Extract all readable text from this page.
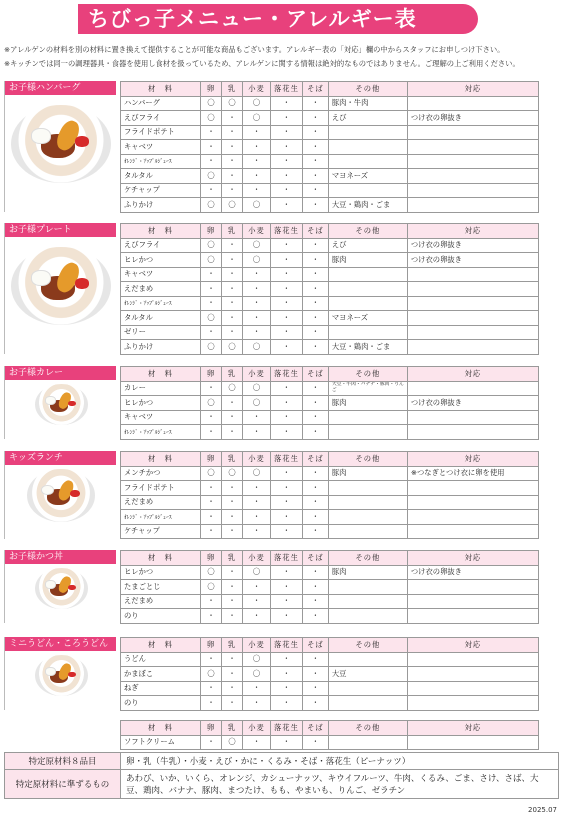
ちびっ子メニュー・アレルギー表
※アレルゲンの材料を別の材料に置き換えて提供することが可能な商品もございます。アレルギー表の「対応」欄の中からスタッフにお申しつけ下さい。
※キッチンでは同一の調理器具・食器を使用し食材を扱っているため、アレルゲンに関する情報は絶対的なものではありません。ご理解の上ご利用ください。
お子様ハンバーグ	材　料	卵	乳	小麦	落花生	そば	その他	対応
ハンバーグ	〇	〇	〇	・	・	豚肉・牛肉	
えびフライ	〇	・	〇	・	・	えび	つけ衣の卵抜き
フライドポテト	・	・	・	・	・		
キャベツ	・	・	・	・	・		
ｵﾚﾝｼﾞ・ｱｯﾌﾟﾙｼﾞｭｰｽ	・	・	・	・	・		
タルタル	〇	・	・	・	・	マヨネーズ	
ケチャップ	・	・	・	・	・		
ふりかけ	〇	〇	〇	・	・	大豆・鶏肉・ごま	
お子様プレート	材　料	卵	乳	小麦	落花生	そば	その他	対応
えびフライ	〇	・	〇	・	・	えび	つけ衣の卵抜き
ヒレかつ	〇	・	〇	・	・	豚肉	つけ衣の卵抜き
キャベツ	・	・	・	・	・		
えだまめ	・	・	・	・	・		
ｵﾚﾝｼﾞ・ｱｯﾌﾟﾙｼﾞｭｰｽ	・	・	・	・	・		
タルタル	〇	・	・	・	・	マヨネーズ	
ゼリー	・	・	・	・	・		
ふりかけ	〇	〇	〇	・	・	大豆・鶏肉・ごま	
お子様カレー	材　料	卵	乳	小麦	落花生	そば	その他	対応
カレー	・	〇	〇	・	・	大豆・牛肉・バナナ・豚肉・りんご	
ヒレかつ	〇	・	〇	・	・	豚肉	つけ衣の卵抜き
キャベツ	・	・	・	・	・		
ｵﾚﾝｼﾞ・ｱｯﾌﾟﾙｼﾞｭｰｽ	・	・	・	・	・		
キッズランチ	材　料	卵	乳	小麦	落花生	そば	その他	対応
メンチかつ	〇	〇	〇	・	・	豚肉	※つなぎとつけ衣に卵を使用
フライドポテト	・	・	・	・	・		
えだまめ	・	・	・	・	・		
ｵﾚﾝｼﾞ・ｱｯﾌﾟﾙｼﾞｭｰｽ	・	・	・	・	・		
ケチャップ	・	・	・	・	・		
お子様かつ丼	材　料	卵	乳	小麦	落花生	そば	その他	対応
ヒレかつ	〇	・	〇	・	・	豚肉	つけ衣の卵抜き
たまごとじ	〇	・	・	・	・		
えだまめ	・	・	・	・	・		
のり	・	・	・	・	・		
ミニうどん・ころうどん	材　料	卵	乳	小麦	落花生	そば	その他	対応
うどん	・	・	〇	・	・		
かまぼこ	〇	・	〇	・	・	大豆	
ねぎ	・	・	・	・	・		
のり	・	・	・	・	・		
材　料	卵	乳	小麦	落花生	そば	その他	対応
ソフトクリーム	・	〇	・	・	・		
特定原材料８品目	卵・乳（牛乳）・小麦・えび・かに・くるみ・そば・落花生（ピーナッツ）
特定原材料に準ずるもの	あわび、いか、いくら、オレンジ、カシューナッツ、キウイフルーツ、牛肉、くるみ、ごま、さけ、さば、大豆、鶏肉、バナナ、豚肉、まつたけ、もも、やまいも、りんご、ゼラチン
2025.07
